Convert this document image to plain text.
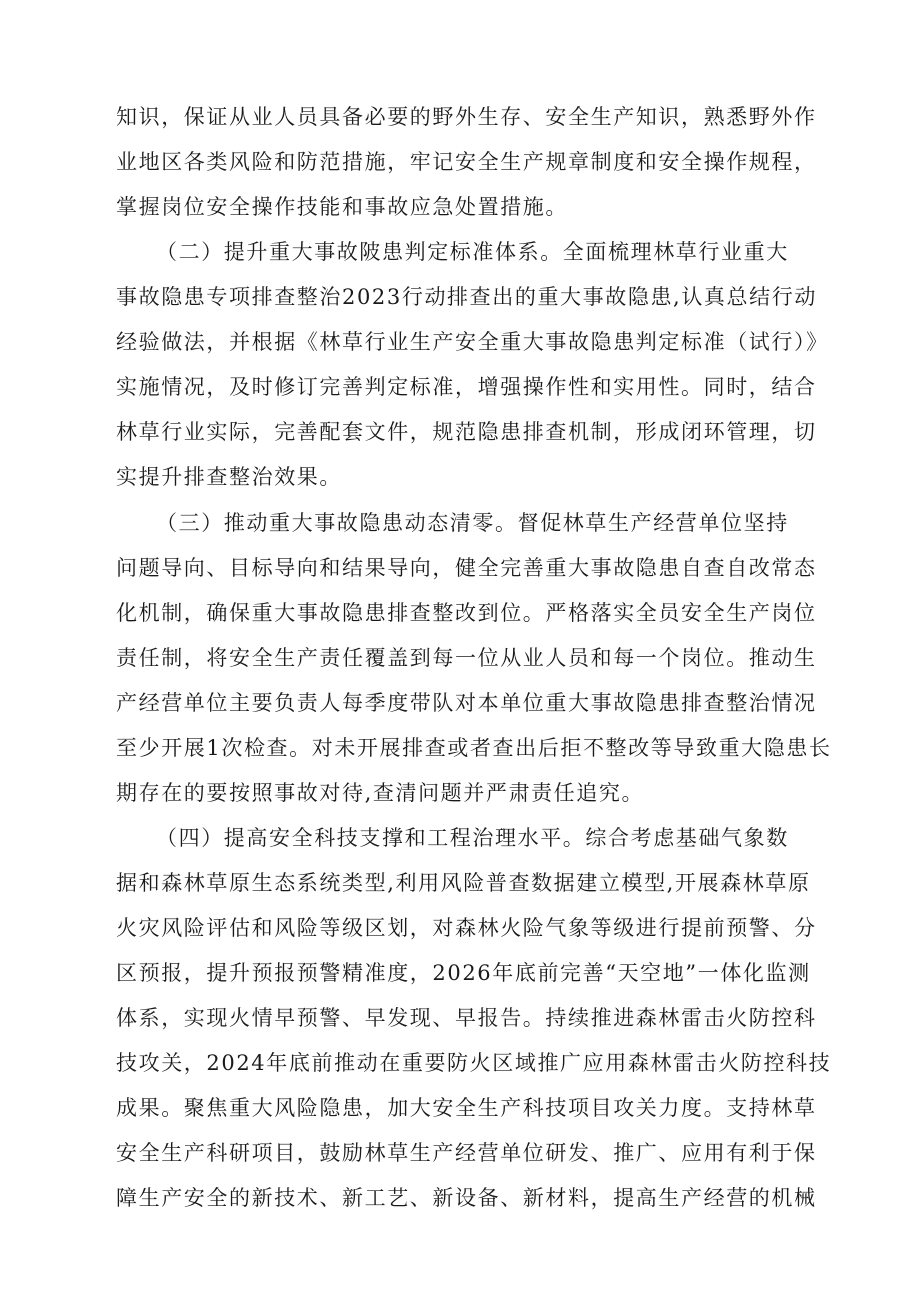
知识，保证从业人员具备必要的野外生存、安全生产知识，熟悉野外作
业地区各类风险和防范措施，牢记安全生产规章制度和安全操作规程，
掌握岗位安全操作技能和事故应急处置措施。
（二）提升重大事故陂患判定标准体系。全面梳理林草行业重大
事故隐患专项排查整治2023行动排查出的重大事故隐患,认真总结行动
经验做法，并根据《林草行业生产安全重大事故隐患判定标准（试行）》
实施情况，及时修订完善判定标准，增强操作性和实用性。同时，结合
林草行业实际，完善配套文件，规范隐患排查机制，形成闭环管理，切
实提升排查整治效果。
（三）推动重大事故隐患动态清零。督促林草生产经营单位坚持
问题导向、目标导向和结果导向，健全完善重大事故隐患自查自改常态
化机制，确保重大事故隐患排查整改到位。严格落实全员安全生产岗位
责任制，将安全生产责任覆盖到每一位从业人员和每一个岗位。推动生
产经营单位主要负责人每季度带队对本单位重大事故隐患排查整治情况
至少开展1次检查。对未开展排查或者查出后拒不整改等导致重大隐患长
期存在的要按照事故对待,查清问题并严肃责任追究。
（四）提高安全科技支撑和工程治理水平。综合考虑基础气象数
据和森林草原生态系统类型,利用风险普查数据建立模型,开展森林草原
火灾风险评估和风险等级区划，对森林火险气象等级进行提前预警、分
区预报，提升预报预警精准度，2026年底前完善“天空地”一体化监测
体系，实现火情早预警、早发现、早报告。持续推进森林雷击火防控科
技攻关，2024年底前推动在重要防火区域推广应用森林雷击火防控科技
成果。聚焦重大风险隐患，加大安全生产科技项目攻关力度。支持林草
安全生产科研项目，鼓励林草生产经营单位研发、推广、应用有利于保
障生产安全的新技术、新工艺、新设备、新材料，提高生产经营的机械
